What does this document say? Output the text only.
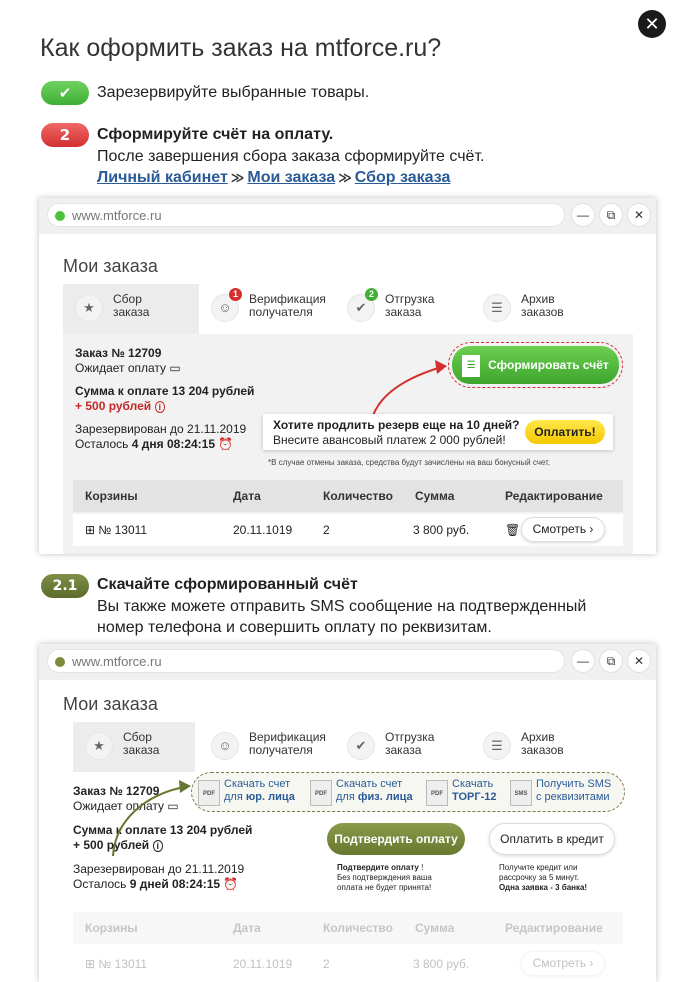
Как оформить заказ на mtforce.ru?
✕
✔	Зарезервируйте выбранные товары.
2	Сформируйте счёт на оплату.
После завершения сбора заказа сформируйте счёт.
Личный кабинет ≫ Мои заказа ≫ Сбор заказа
www.mtforce.ru	—	⧉	✕
Мои заказа
★
Сбор
заказа	☺
1 Верификация
получателя	✔
2 Отгрузка
заказа	☰
Архив
заказов
Заказ № 12709
Ожидает оплату ▭
Сумма к оплате 13 204 рублей
+ 500 рублей i
Зарезервирован до 21.11.2019
Осталось 4 дня 08:24:15 ⏰
☰ Сформировать счёт
Хотите продлить резерв еще на 10 дней?
Внесите авансовый платеж 2 000 рублей!
Оплатить!
*В случае отмены заказа, средства будут зачислены на ваш бонусный счет.
Корзины	Дата	Количество Сумма	Редактирование
⊞ № 13011	20.11.1019	2	3 800 руб.	🗑	Смотреть ›
2.1	Скачайте сформированный счёт
Вы также можете отправить SMS сообщение на подтвержденный
номер телефона и совершить оплату по реквизитам.
www.mtforce.ru	—	⧉	✕
Мои заказа
★
Сбор
заказа	☺
Верификация
получателя	✔
Отгрузка
заказа	☰
Архив
заказов
Заказ № 12709
Ожидает оплату ▭
Сумма к оплате 13 204 рублей
+ 500 рублей i
Зарезервирован до 21.11.2019
Осталось 9 дней 08:24:15 ⏰
PDF
Скачать счет
для юр. лица	PDF
Скачать счет
для физ. лица	PDF
Скачать
ТОРГ-12	SMS
Получить SMS
с реквизитами
Подтвердить оплату
Подтвердите оплату !
Без подтверждения ваша
оплата не будет принята!
Оплатить в кредит
Получите кредит или
рассрочку за 5 минут.
Одна заявка - 3 банка!
Корзины	Дата	Количество Сумма	Редактирование
⊞ № 13011	20.11.1019	2	3 800 руб.	Смотреть ›
